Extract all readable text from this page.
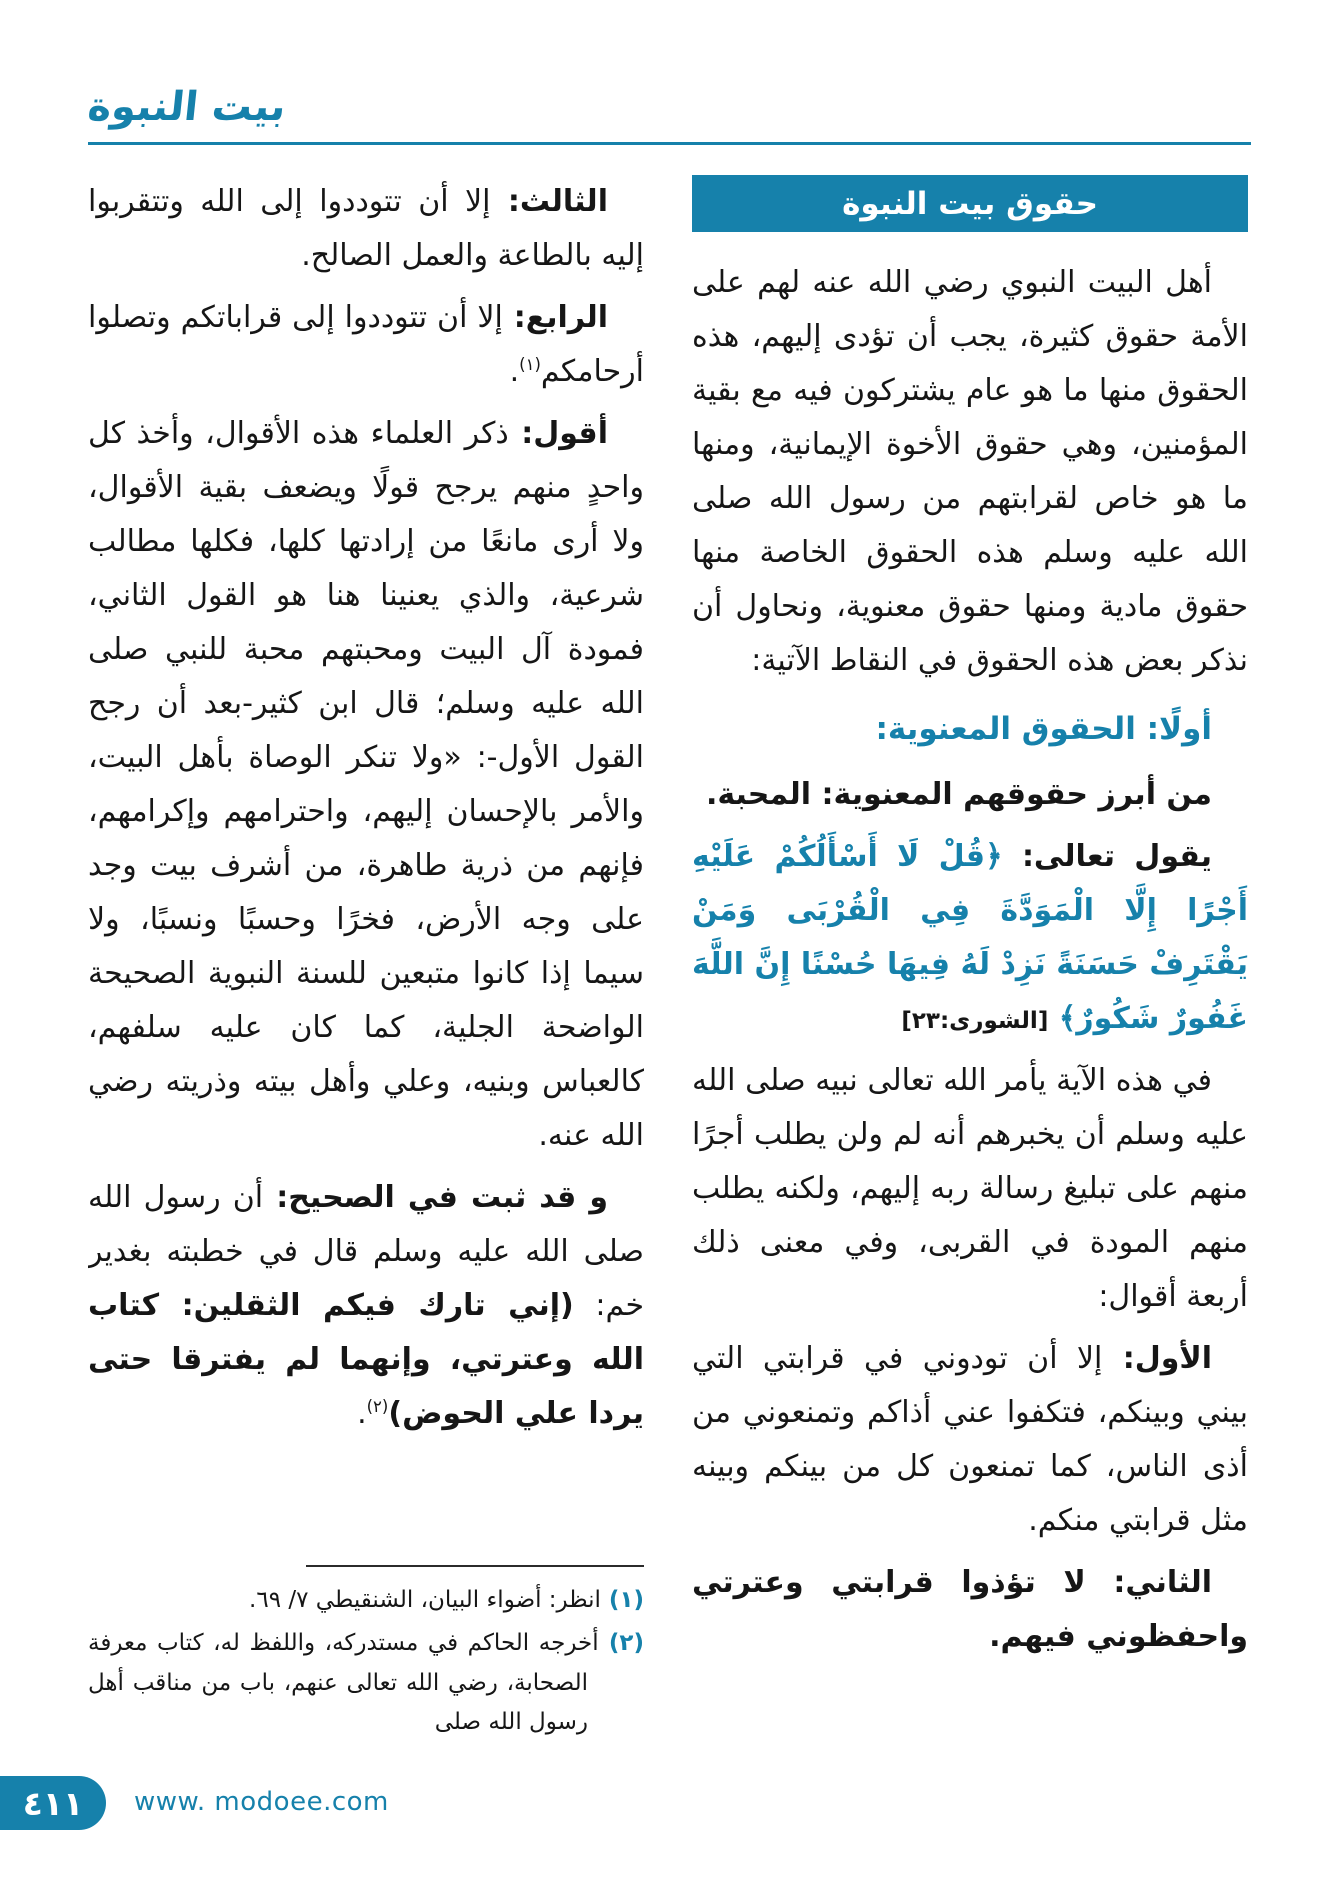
بيت النبوة
حقوق بيت النبوة

أهل البيت النبوي رضي الله عنه لهم على الأمة حقوق كثيرة، يجب أن تؤدى إليهم، هذه الحقوق منها ما هو عام يشتركون فيه مع بقية المؤمنين، وهي حقوق الأخوة الإيمانية، ومنها ما هو خاص لقرابتهم من رسول الله صلى الله عليه وسلم هذه الحقوق الخاصة منها حقوق مادية ومنها حقوق معنوية، ونحاول أن نذكر بعض هذه الحقوق في النقاط الآتية:

أولًا: الحقوق المعنوية:

من أبرز حقوقهم المعنوية: المحبة.

يقول تعالى: ﴿قُلْ لَا أَسْأَلُكُمْ عَلَيْهِ أَجْرًا إِلَّا الْمَوَدَّةَ فِي الْقُرْبَى وَمَنْ يَقْتَرِفْ حَسَنَةً نَزِدْ لَهُ فِيهَا حُسْنًا إِنَّ اللَّهَ غَفُورٌ شَكُورٌ﴾ [الشورى:٢٣]

في هذه الآية يأمر الله تعالى نبيه صلى الله عليه وسلم أن يخبرهم أنه لم ولن يطلب أجرًا منهم على تبليغ رسالة ربه إليهم، ولكنه يطلب منهم المودة في القربى، وفي معنى ذلك أربعة أقوال:

الأول: إلا أن تودوني في قرابتي التي بيني وبينكم، فتكفوا عني أذاكم وتمنعوني من أذى الناس، كما تمنعون كل من بينكم وبينه مثل قرابتي منكم.

الثاني: لا تؤذوا قرابتي وعترتي واحفظوني فيهم.

الثالث: إلا أن تتوددوا إلى الله وتتقربوا إليه بالطاعة والعمل الصالح.

الرابع: إلا أن تتوددوا إلى قراباتكم وتصلوا أرحامكم$^{(١)}$.

أقول: ذكر العلماء هذه الأقوال، وأخذ كل واحدٍ منهم يرجح قولًا ويضعف بقية الأقوال، ولا أرى مانعًا من إرادتها كلها، فكلها مطالب شرعية، والذي يعنينا هنا هو القول الثاني، فمودة آل البيت ومحبتهم محبة للنبي صلى الله عليه وسلم؛ قال ابن كثير-بعد أن رجح القول الأول-: «ولا تنكر الوصاة بأهل البيت، والأمر بالإحسان إليهم، واحترامهم وإكرامهم، فإنهم من ذرية طاهرة، من أشرف بيت وجد على وجه الأرض، فخرًا وحسبًا ونسبًا، ولا سيما إذا كانوا متبعين للسنة النبوية الصحيحة الواضحة الجلية، كما كان عليه سلفهم، كالعباس وبنيه، وعلي وأهل بيته وذريته رضي الله عنه.

و قد ثبت في الصحيح: أن رسول الله صلى الله عليه وسلم قال في خطبته بغدير خم: (إني تارك فيكم الثقلين: كتاب الله وعترتي، وإنهما لم يفترقا حتى يردا علي الحوض)$^{(٢)}$.

(١) انظر: أضواء البيان، الشنقيطي ٧/ ٦٩.
(٢) أخرجه الحاكم في مستدركه، واللفظ له، كتاب معرفة الصحابة، رضي الله تعالى عنهم، باب من مناقب أهل رسول الله صلى
٤١١ www. modoee.com
